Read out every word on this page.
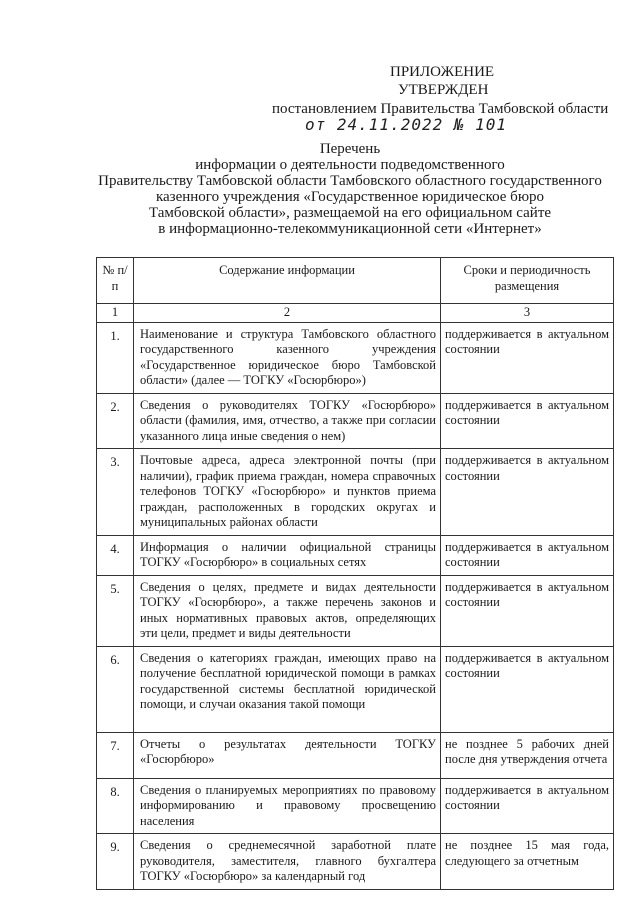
ПРИЛОЖЕНИЕ
УТВЕРЖДЕН
постановлением Правительства Тамбовской области
от 24.11.2022 № 101
Перечень
информации о деятельности подведомственного
Правительству Тамбовской области Тамбовского областного государственного
казенного учреждения «Государственное юридическое бюро
Тамбовской области», размещаемой на его официальном сайте
в информационно-телекоммуникационной сети «Интернет»
№ п/п	Содержание информации	Сроки и периодичность размещения
1	2	3
1.	Наименование и структура Тамбовского областного государственного казенного учреждения «Государственное юридическое бюро Тамбовской области» (далее — ТОГКУ «Госюрбюро»)	поддерживается в актуальном состоянии
2.	Сведения о руководителях ТОГКУ «Госюрбюро» области (фамилия, имя, отчество, а также при согласии указанного лица иные сведения о нем)	поддерживается в актуальном состоянии
3.	Почтовые адреса, адреса электронной почты (при наличии), график приема граждан, номера справочных телефонов ТОГКУ «Госюрбюро» и пунктов приема граждан, расположенных в городских округах и муниципальных районах области	поддерживается в актуальном состоянии
4.	Информация о наличии официальной страницы ТОГКУ «Госюрбюро» в социальных сетях	поддерживается в актуальном состоянии
5.	Сведения о целях, предмете и видах деятельности ТОГКУ «Госюрбюро», а также перечень законов и иных нормативных правовых актов, определяющих эти цели, предмет и виды деятельности	поддерживается в актуальном состоянии
6.	Сведения о категориях граждан, имеющих право на получение бесплатной юридической помощи в рамках государственной системы бесплатной юридической помощи, и случаи оказания такой помощи	поддерживается в актуальном состоянии
7.	Отчеты о результатах деятельности ТОГКУ «Госюрбюро»	не позднее 5 рабочих дней после дня утверждения отчета
8.	Сведения о планируемых мероприятиях по правовому информированию и правовому просвещению населения	поддерживается в актуальном состоянии
9.	Сведения о среднемесячной заработной плате руководителя, заместителя, главного бухгалтера ТОГКУ «Госюрбюро» за календарный год	не позднее 15 мая года, следующего за отчетным
